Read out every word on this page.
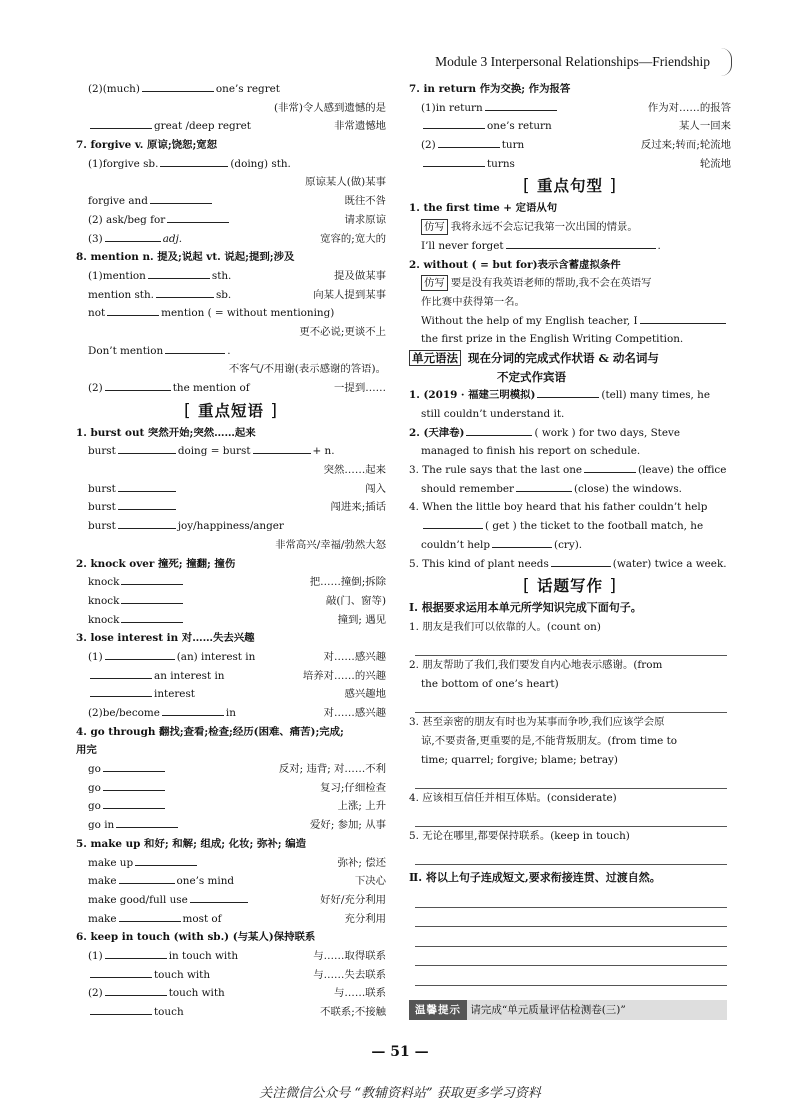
Module 3 Interpersonal Relationships—Friendship
(2)(much)	one’s regret
(非常)令人感到遗憾的是
great /deep regret	非常遗憾地
7. forgive v. 原谅;饶恕;宽恕
(1)forgive sb.	(doing) sth.
原谅某人(做)某事
forgive and	既往不咎
(2) ask/beg for	请求原谅
(3)	adj.	宽容的;宽大的
8. mention n. 提及;说起 vt. 说起;提到;涉及
(1)mention	sth.	提及做某事
mention sth.	sb.	向某人提到某事
not	mention ( = without mentioning)
更不必说;更谈不上
Don’t mention	.
不客气/不用谢(表示感谢的答语)。
(2)	the mention of	一提到……
[ 重点短语 ]
1. burst out 突然开始;突然……起来
burst	doing = burst	+ n.
突然……起来
burst	闯入
burst	闯进来;插话
burst	joy/happiness/anger
非常高兴/幸福/勃然大怒
2. knock over 撞死; 撞翻; 撞伤
knock	把……撞倒;拆除
knock	敲(门、窗等)
knock	撞到; 遇见
3. lose interest in 对……失去兴趣
(1)	(an) interest in	对……感兴趣
an interest in	培养对……的兴趣
interest	感兴趣地
(2)be/become	in	对……感兴趣
4. go through 翻找;查看;检查;经历(困难、痛苦);完成;
用完
go	反对; 违背; 对……不利
go	复习;仔细检查
go	上涨; 上升
go in	爱好; 参加; 从事
5. make up 和好; 和解; 组成; 化妆; 弥补; 编造
make up	弥补; 偿还
make	one’s mind	下决心
make good/full use	好好/充分利用
make	most of	充分利用
6. keep in touch (with sb.) (与某人)保持联系
(1)	in touch with	与……取得联系
touch with	与……失去联系
(2)	touch with	与……联系
touch	不联系;不接触
7. in return 作为交换; 作为报答
(1)in return	作为对……的报答
one’s return	某人一回来
(2)	turn	反过来;转而;轮流地
turns	轮流地
[ 重点句型 ]
1. the first time + 定语从句
仿写 我将永远不会忘记我第一次出国的情景。
I’ll never forget	.
2. without ( = but for)表示含蓄虚拟条件
仿写 要是没有我英语老师的帮助,我不会在英语写
作比赛中获得第一名。
Without the help of my English teacher, I
the first prize in the English Writing Competition.
单元语法 现在分词的完成式作状语 & 动名词与
不定式作宾语
1. (2019 · 福建三明模拟)	(tell) many times, he
still couldn’t understand it.
2. (天津卷)	( work ) for two days, Steve
managed to finish his report on schedule.
3. The rule says that the last one	(leave) the office
should remember	(close) the windows.
4. When the little boy heard that his father couldn’t help
( get ) the ticket to the football match, he
couldn’t help	(cry).
5. This kind of plant needs	(water) twice a week.
[ 话题写作 ]
Ⅰ. 根据要求运用本单元所学知识完成下面句子。
1. 朋友是我们可以依靠的人。(count on)
2. 朋友帮助了我们,我们要发自内心地表示感谢。(from
the bottom of one’s heart)
3. 甚至亲密的朋友有时也为某事而争吵,我们应该学会原
谅,不要责备,更重要的是,不能背叛朋友。(from time to
time; quarrel; forgive; blame; betray)
4. 应该相互信任并相互体贴。(considerate)
5. 无论在哪里,都要保持联系。(keep in touch)
Ⅱ. 将以上句子连成短文,要求衔接连贯、过渡自然。
温馨提示 请完成“单元质量评估检测卷(三)”
— 51 —
关注微信公众号 “教辅资料站” 获取更多学习资料
